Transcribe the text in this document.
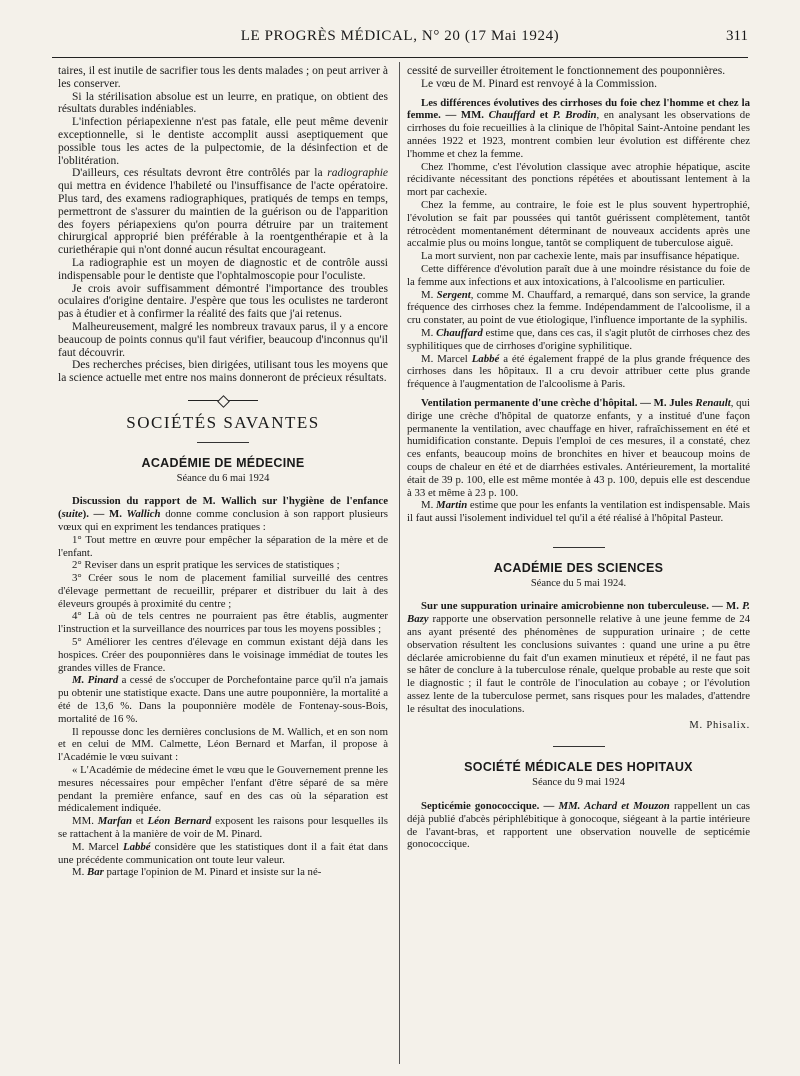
LE PROGRÈS MÉDICAL, N° 20 (17 Mai 1924)	311

taires, il est inutile de sacrifier tous les dents malades ; on peut arriver à les conserver.

Si la stérilisation absolue est un leurre, en pratique, on obtient des résultats durables indéniables.

L'infection périapexienne n'est pas fatale, elle peut même devenir exceptionnelle, si le dentiste accomplit aussi aseptiquement que possible tous les actes de la pulpectomie, de la désinfection et de l'oblitération.

D'ailleurs, ces résultats devront être contrôlés par la radiographie qui mettra en évidence l'habileté ou l'insuffisance de l'acte opératoire. Plus tard, des examens radiographiques, pratiqués de temps en temps, permettront de s'assurer du maintien de la guérison ou de l'apparition des foyers périapexiens qu'on pourra détruire par un traitement chirurgical approprié bien préférable à la roentgenthérapie et à la curiethérapie qui n'ont donné aucun résultat encourageant.

La radiographie est un moyen de diagnostic et de contrôle aussi indispensable pour le dentiste que l'ophtalmoscopie pour l'oculiste.

Je crois avoir suffisamment démontré l'importance des troubles oculaires d'origine dentaire. J'espère que tous les oculistes ne tarderont pas à étudier et à confirmer la réalité des faits que j'ai retenus.

Malheureusement, malgré les nombreux travaux parus, il y a encore beaucoup de points connus qu'il faut vérifier, beaucoup d'inconnus qu'il faut découvrir.

Des recherches précises, bien dirigées, utilisant tous les moyens que la science actuelle met entre nos mains donneront de précieux résultats.

SOCIÉTÉS SAVANTES
ACADÉMIE DE MÉDECINE
Séance du 6 mai 1924

Discussion du rapport de M. Wallich sur l'hygiène de l'enfance (suite). — M. Wallich donne comme conclusion à son rapport plusieurs vœux qui en expriment les tendances pratiques :

1° Tout mettre en œuvre pour empêcher la séparation de la mère et de l'enfant.

2° Reviser dans un esprit pratique les services de statistiques ;

3° Créer sous le nom de placement familial surveillé des centres d'élevage permettant de recueillir, préparer et distribuer du lait à des éleveurs groupés à proximité du centre ;

4° Là où de tels centres ne pourraient pas être établis, augmenter l'instruction et la surveillance des nourrices par tous les moyens possibles ;

5° Améliorer les centres d'élevage en commun existant déjà dans les hospices. Créer des pouponnières dans le voisinage immédiat de toutes les grandes villes de France.

M. Pinard a cessé de s'occuper de Porchefontaine parce qu'il n'a jamais pu obtenir une statistique exacte. Dans une autre pouponnière, la mortalité a été de 13,6 %. Dans la pouponnière modèle de Fontenay-sous-Bois, mortalité de 16 %.

Il repousse donc les dernières conclusions de M. Wallich, et en son nom et en celui de MM. Calmette, Léon Bernard et Marfan, il propose à l'Académie le vœu suivant :

« L'Académie de médecine émet le vœu que le Gouvernement prenne les mesures nécessaires pour empêcher l'enfant d'être séparé de sa mère pendant la première enfance, sauf en des cas où la séparation est médicalement indiquée.

MM. Marfan et Léon Bernard exposent les raisons pour lesquelles ils se rattachent à la manière de voir de M. Pinard.

M. Marcel Labbé considère que les statistiques dont il a fait état dans une précédente communication ont toute leur valeur.

M. Bar partage l'opinion de M. Pinard et insiste sur la né-

cessité de surveiller étroitement le fonctionnement des pouponnières.

Le vœu de M. Pinard est renvoyé à la Commission.

Les différences évolutives des cirrhoses du foie chez l'homme et chez la femme. — MM. Chauffard et P. Brodin, en analysant les observations de cirrhoses du foie recueillies à la clinique de l'hôpital Saint-Antoine pendant les années 1922 et 1923, montrent combien leur évolution est différente chez l'homme et chez la femme.

Chez l'homme, c'est l'évolution classique avec atrophie hépatique, ascite récidivante nécessitant des ponctions répétées et aboutissant lentement à la mort par cachexie.

Chez la femme, au contraire, le foie est le plus souvent hypertrophié, l'évolution se fait par poussées qui tantôt guérissent complètement, tantôt rétrocèdent momentanément déterminant de nouveaux accidents après une accalmie plus ou moins longue, tantôt se compliquent de tuberculose aiguë.

La mort survient, non par cachexie lente, mais par insuffisance hépatique.

Cette différence d'évolution paraît due à une moindre résistance du foie de la femme aux infections et aux intoxications, à l'alcoolisme en particulier.

M. Sergent, comme M. Chauffard, a remarqué, dans son service, la grande fréquence des cirrhoses chez la femme. Indépendamment de l'alcoolisme, il a cru constater, au point de vue étiologique, l'influence importante de la syphilis.

M. Chauffard estime que, dans ces cas, il s'agit plutôt de cirrhoses chez des syphilitiques que de cirrhoses d'origine syphilitique.

M. Marcel Labbé a été également frappé de la plus grande fréquence des cirrhoses dans les hôpitaux. Il a cru devoir attribuer cette plus grande fréquence à l'augmentation de l'alcoolisme à Paris.

Ventilation permanente d'une crèche d'hôpital. — M. Jules Renault, qui dirige une crèche d'hôpital de quatorze enfants, y a institué d'une façon permanente la ventilation, avec chauffage en hiver, rafraîchissement en été et humidification constante. Depuis l'emploi de ces mesures, il a constaté, chez ces enfants, beaucoup moins de bronchites en hiver et beaucoup moins de coups de chaleur en été et de diarrhées estivales. Antérieurement, la mortalité était de 39 p. 100, elle est même montée à 43 p. 100, depuis elle est descendue à 33 et même à 23 p. 100.

M. Martin estime que pour les enfants la ventilation est indispensable. Mais il faut aussi l'isolement individuel tel qu'il a été réalisé à l'hôpital Pasteur.

ACADÉMIE DES SCIENCES
Séance du 5 mai 1924.

Sur une suppuration urinaire amicrobienne non tuberculeuse. — M. P. Bazy rapporte une observation personnelle relative à une jeune femme de 24 ans ayant présenté des phénomènes de suppuration urinaire ; de cette observation résultent les conclusions suivantes : quand une urine a pu être déclarée amicrobienne du fait d'un examen minutieux et répété, il ne faut pas se hâter de conclure à la tuberculose rénale, quelque probable au reste que soit le diagnostic ; il faut le contrôle de l'inoculation au cobaye ; or l'évolution assez lente de la tuberculose permet, sans risques pour les malades, d'attendre le résultat des inoculations.

M. Phisalix.
SOCIÉTÉ MÉDICALE DES HOPITAUX
Séance du 9 mai 1924

Septicémie gonococcique. — MM. Achard et Mouzon rappellent un cas déjà publié d'abcès périphlébitique à gonocoque, siégeant à la partie intérieure de l'avant-bras, et rapportent une observation nouvelle de septicémie gonococcique.
